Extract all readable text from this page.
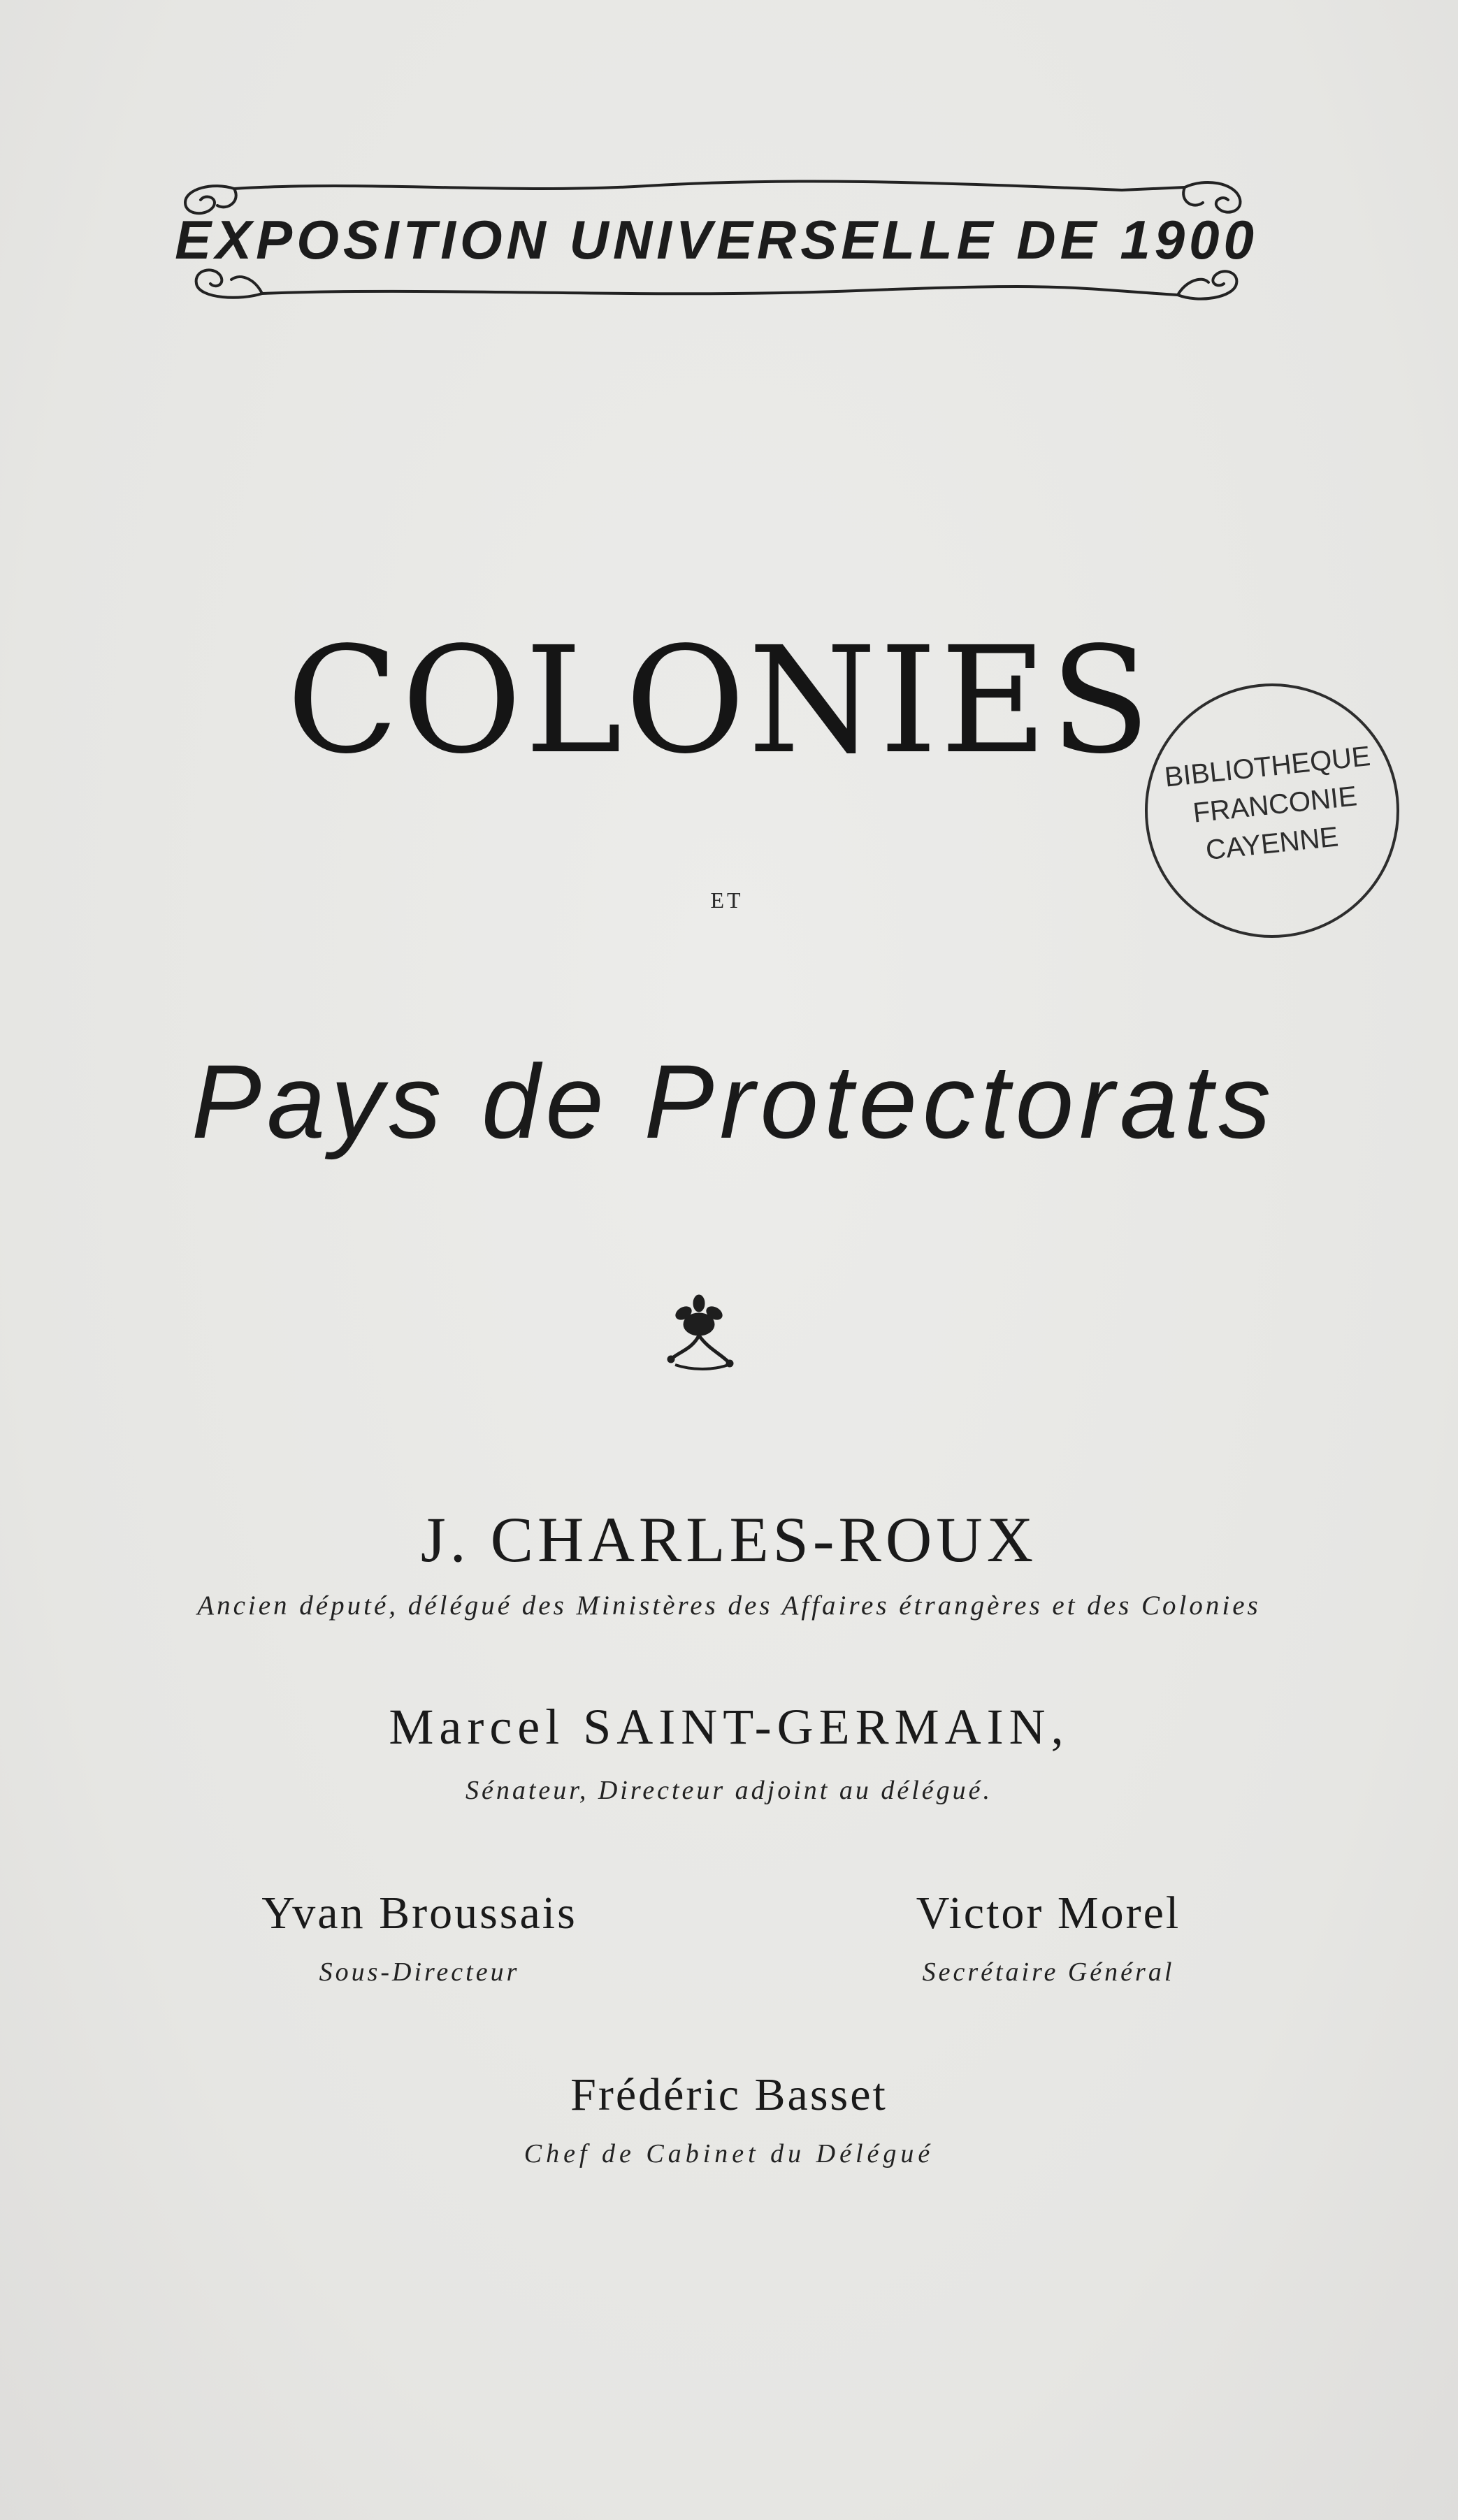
EXPOSITION UNIVERSELLE DE 1900
COLONIES
ET
Pays de Protectorats
BIBLIOTHEQUE
FRANCONIE
CAYENNE
J. CHARLES-ROUX
Ancien député, délégué des Ministères des Affaires étrangères et des Colonies
Marcel SAINT-GERMAIN,
Sénateur, Directeur adjoint au délégué.
Yvan Broussais
Sous-Directeur
Victor Morel
Secrétaire Général
Frédéric Basset
Chef de Cabinet du Délégué
